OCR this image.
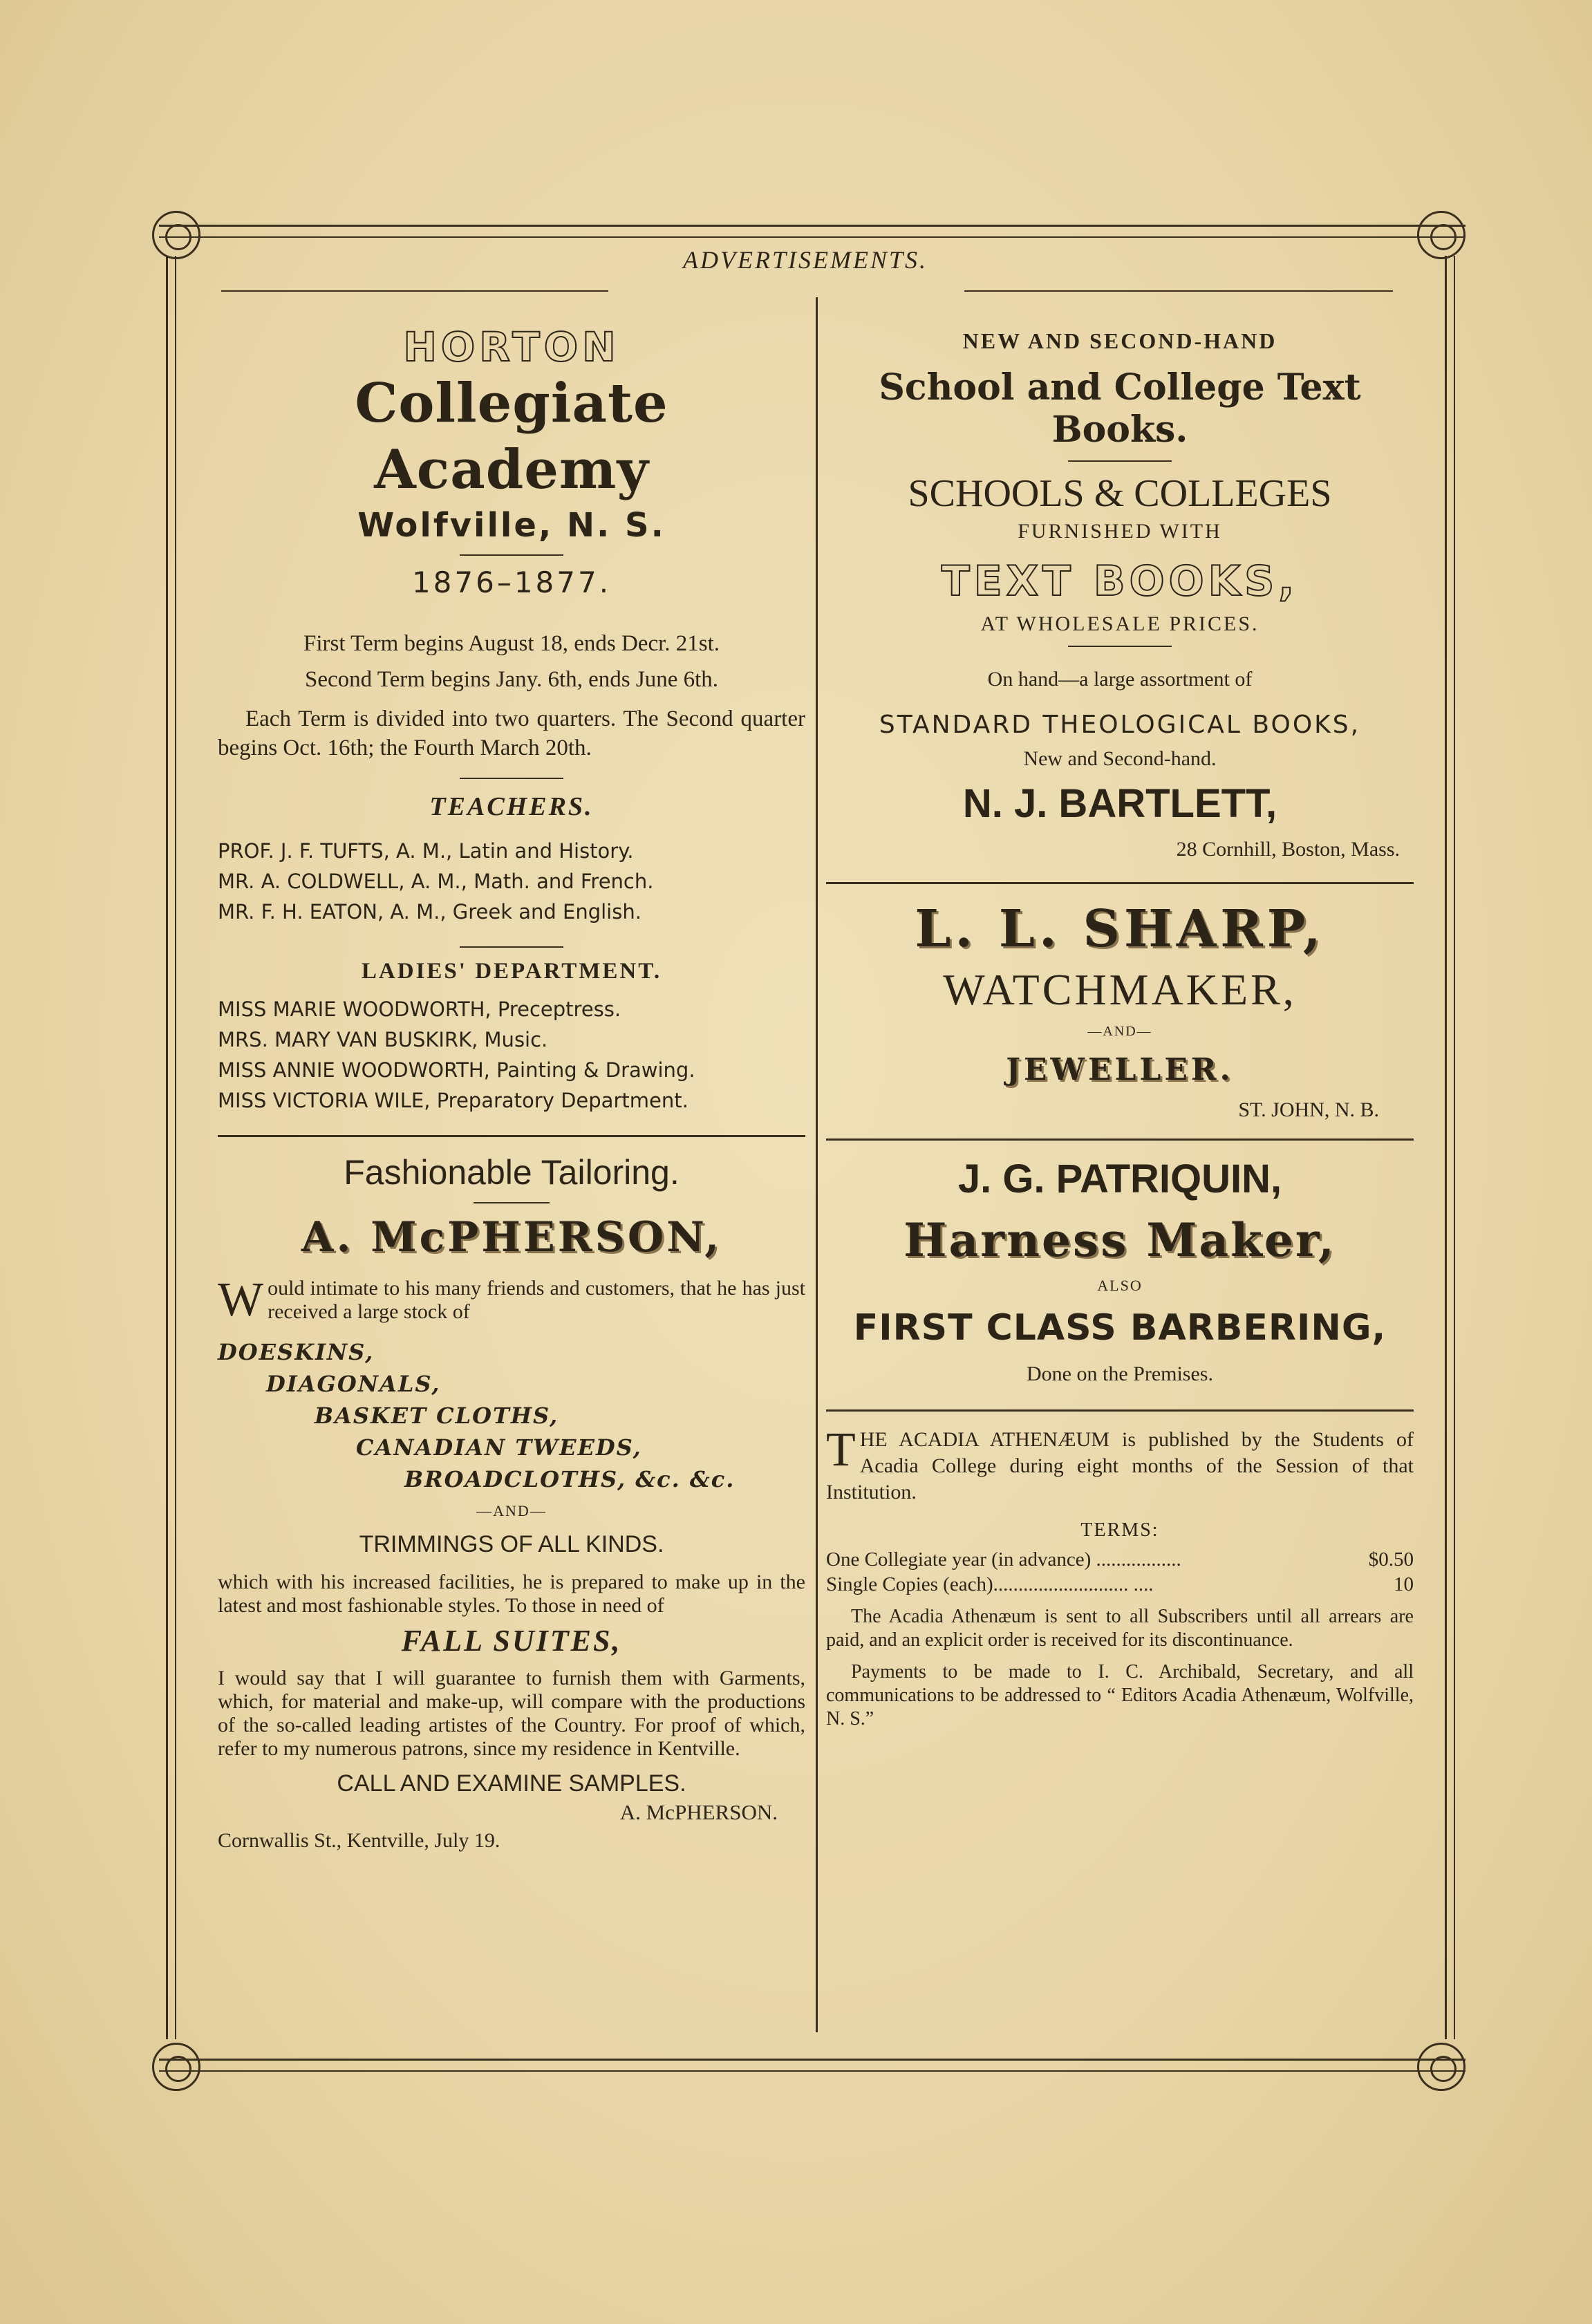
ADVERTISEMENTS.
HORTON
Collegiate Academy
Wolfville, N. S.
1876–1877.

First Term begins August 18, ends Decr. 21st.

Second Term begins Jany. 6th, ends June 6th.

Each Term is divided into two quarters. The Second quarter begins Oct. 16th; the Fourth March 20th.

TEACHERS.
PROF. J. F. TUFTS, A. M., Latin and History.
MR. A. COLDWELL, A. M., Math. and French.
MR. F. H. EATON, A. M., Greek and English.
LADIES' DEPARTMENT.
MISS MARIE WOODWORTH, Preceptress.
MRS. MARY VAN BUSKIRK, Music.
MISS ANNIE WOODWORTH, Painting & Drawing.
MISS VICTORIA WILE, Preparatory Department.
Fashionable Tailoring.
A. McPHERSON,

Would intimate to his many friends and customers, that he has just received a large stock of

DOESKINS,
DIAGONALS,
BASKET CLOTHS,
CANADIAN TWEEDS,
BROADCLOTHS, &c. &c.
—AND—
TRIMMINGS OF ALL KINDS.

which with his increased facilities, he is prepared to make up in the latest and most fashionable styles. To those in need of

FALL SUITES,

I would say that I will guarantee to furnish them with Garments, which, for material and make-up, will compare with the productions of the so-called leading artistes of the Country. For proof of which, refer to my numerous patrons, since my residence in Kentville.

CALL AND EXAMINE SAMPLES.
A. McPHERSON.
Cornwallis St., Kentville, July 19.
NEW AND SECOND-HAND
School and College Text Books.
SCHOOLS & COLLEGES
FURNISHED WITH
TEXT BOOKS,
AT WHOLESALE PRICES.
On hand—a large assortment of
STANDARD THEOLOGICAL BOOKS,
New and Second-hand.
N. J. BARTLETT,
28 Cornhill, Boston, Mass.
L. L. SHARP,
WATCHMAKER,
—AND—
JEWELLER.
ST. JOHN, N. B.
J. G. PATRIQUIN,
Harness Maker,
ALSO
FIRST CLASS BARBERING,
Done on the Premises.

THE ACADIA ATHENÆUM is published by the Students of Acadia College during eight months of the Session of that Institution.

TERMS:
One Collegiate year (in advance) .................	$0.50
Single Copies (each)........................... ....	10

The Acadia Athenæum is sent to all Subscribers until all arrears are paid, and an explicit order is received for its discontinuance.

Payments to be made to I. C. Archibald, Secretary, and all communications to be addressed to “ Editors Acadia Athenæum, Wolfville, N. S.”
